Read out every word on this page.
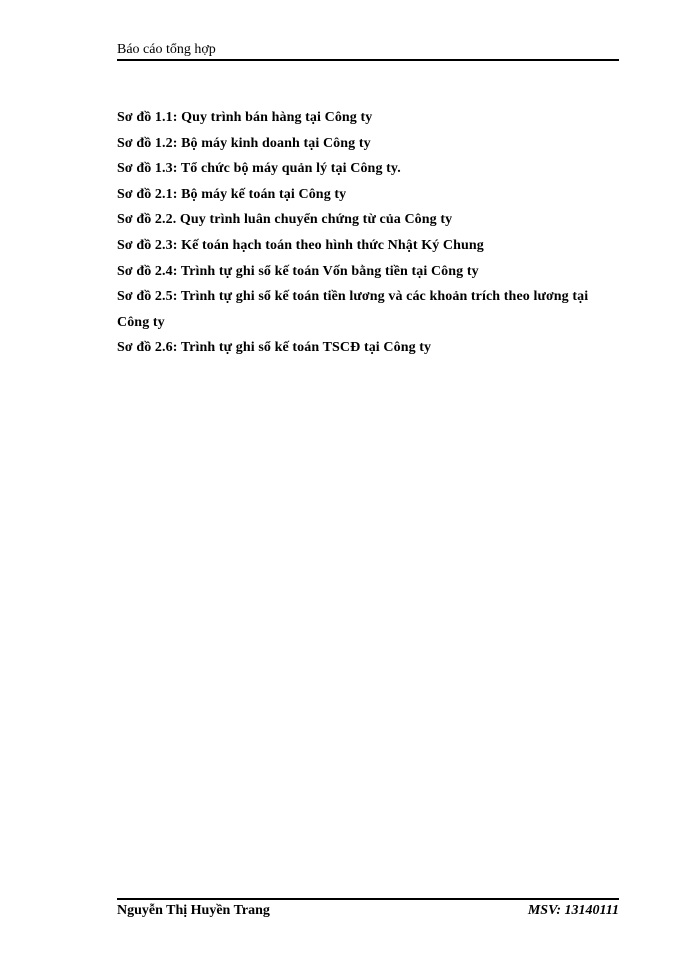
Báo cáo tổng hợp
Sơ đồ 1.1: Quy trình bán hàng tại Công ty
Sơ đồ 1.2: Bộ máy kinh doanh tại Công ty
Sơ đồ 1.3: Tổ chức bộ máy quản lý tại Công ty.
Sơ đồ 2.1: Bộ máy kế toán tại Công ty
Sơ đồ 2.2. Quy trình luân chuyển chứng từ của Công ty
Sơ đồ 2.3: Kế toán hạch toán theo hình thức Nhật Ký Chung
Sơ đồ 2.4: Trình tự ghi sổ kế toán Vốn bằng tiền tại Công ty
Sơ đồ 2.5: Trình tự ghi sổ kế toán tiền lương và các khoản trích theo lương tại Công ty
Sơ đồ 2.6: Trình tự ghi sổ kế toán TSCĐ tại Công ty
Nguyễn Thị Huyền Trang	MSV: 13140111
